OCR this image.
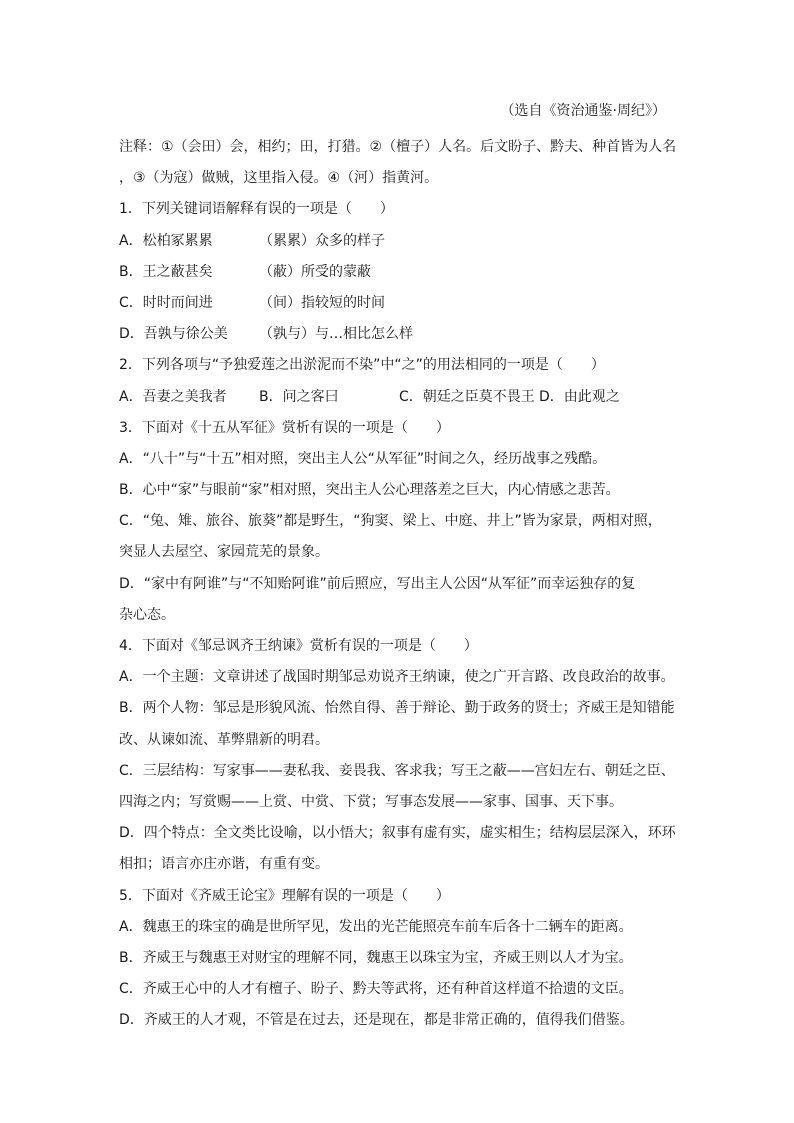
（选自《资治通鉴·周纪》）
注释：①（会田）会，相约；田，打猎。②（檀子）人名。后文盼子、黔夫、种首皆为人名
，③（为寇）做贼，这里指入侵。④（河）指黄河。
1．下列关键词语解释有误的一项是（　　）
A．松柏冢累累	（累累）众多的样子
B．王之蔽甚矣	（蔽）所受的蒙蔽
C．时时而间进	（间）指较短的时间
D．吾孰与徐公美	（孰与）与…相比怎么样
2．下列各项与“予独爱莲之出淤泥而不染”中“之”的用法相同的一项是（　　）
A．吾妻之美我者	B．问之客曰	C．朝廷之臣莫不畏王 D．由此观之
3．下面对《十五从军征》赏析有误的一项是（　　）
A．“八十”与“十五”相对照，突出主人公“从军征”时间之久，经历战事之残酷。
B．心中“家”与眼前“家”相对照，突出主人公心理落差之巨大，内心情感之悲苦。
C．“兔、雉、旅谷、旅葵”都是野生，“狗窦、梁上、中庭、井上”皆为家景，两相对照，
突显人去屋空、家园荒芜的景象。
D．“家中有阿谁”与“不知贻阿谁”前后照应，写出主人公因“从军征”而幸运独存的复
杂心态。
4．下面对《邹忌讽齐王纳谏》赏析有误的一项是（　　）
A．一个主题：文章讲述了战国时期邹忌劝说齐王纳谏，使之广开言路、改良政治的故事。
B．两个人物：邹忌是形貌风流、怡然自得、善于辩论、勤于政务的贤士；齐威王是知错能
改、从谏如流、革弊鼎新的明君。
C．三层结构：写家事——妻私我、妾畏我、客求我；写王之蔽——宫妇左右、朝廷之臣、
四海之内；写赏赐——上赏、中赏、下赏；写事态发展——家事、国事、天下事。
D．四个特点：全文类比设喻，以小悟大；叙事有虚有实，虚实相生；结构层层深入，环环
相扣；语言亦庄亦谐，有重有变。
5．下面对《齐威王论宝》理解有误的一项是（　　）
A．魏惠王的珠宝的确是世所罕见，发出的光芒能照亮车前车后各十二辆车的距离。
B．齐威王与魏惠王对财宝的理解不同，魏惠王以珠宝为宝，齐威王则以人才为宝。
C．齐威王心中的人才有檀子、盼子、黔夫等武将，还有种首这样道不拾遗的文臣。
D．齐威王的人才观，不管是在过去，还是现在，都是非常正确的，值得我们借鉴。
